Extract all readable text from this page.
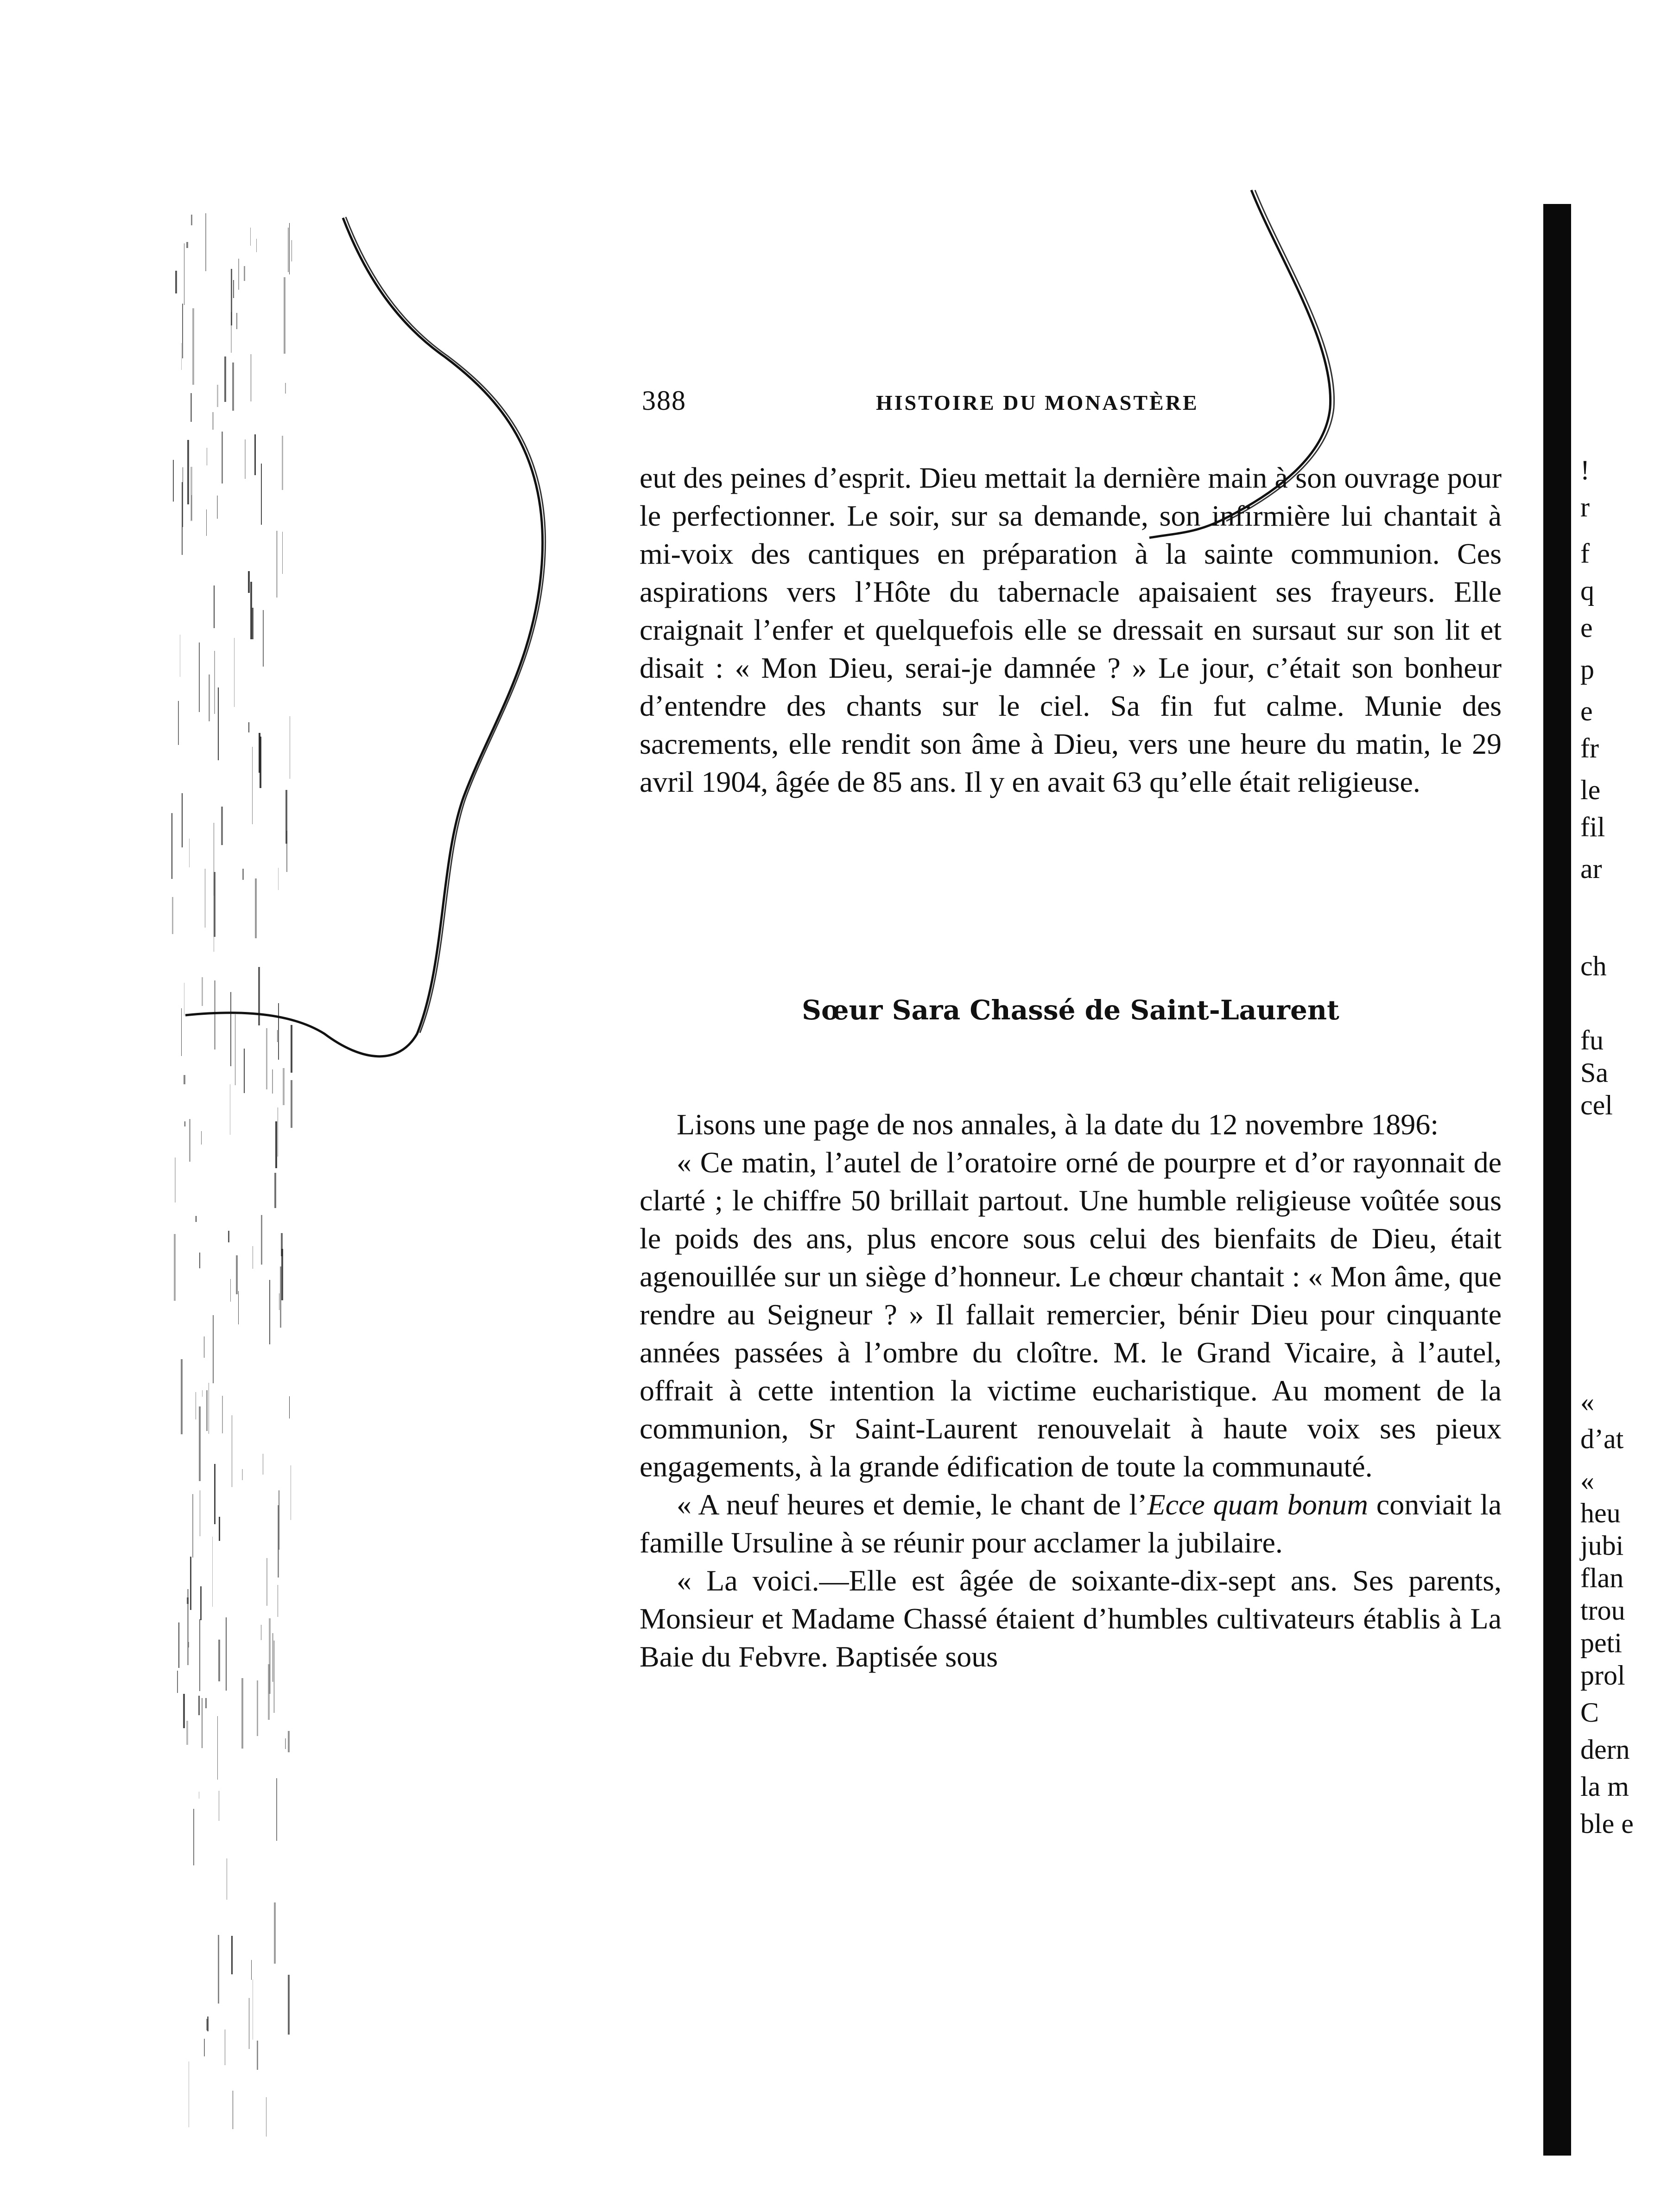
388	HISTOIRE DU MONASTÈRE

eut des peines d’esprit. Dieu mettait la dernière main à son ouvrage pour le perfectionner. Le soir, sur sa demande, son infirmière lui chantait à mi-voix des cantiques en préparation à la sainte communion. Ces aspirations vers l’Hôte du tabernacle apaisaient ses frayeurs. Elle craignait l’enfer et quelquefois elle se dressait en sursaut sur son lit et disait : « Mon Dieu, serai-je damnée ? » Le jour, c’était son bonheur d’entendre des chants sur le ciel. Sa fin fut calme. Munie des sacrements, elle rendit son âme à Dieu, vers une heure du matin, le 29 avril 1904, âgée de 85 ans. Il y en avait 63 qu’elle était religieuse.

Sœur Sara Chassé de Saint-Laurent

Lisons une page de nos annales, à la date du 12 novembre 1896:

« Ce matin, l’autel de l’oratoire orné de pourpre et d’or rayonnait de clarté ; le chiffre 50 brillait partout. Une humble religieuse voûtée sous le poids des ans, plus encore sous celui des bienfaits de Dieu, était agenouillée sur un siège d’honneur. Le chœur chantait : « Mon âme, que rendre au Seigneur ? » Il fallait remercier, bénir Dieu pour cinquante années passées à l’ombre du cloître. M. le Grand Vicaire, à l’autel, offrait à cette intention la victime eucharistique. Au moment de la communion, Sr Saint-Laurent renouvelait à haute voix ses pieux engagements, à la grande édification de toute la communauté.

« A neuf heures et demie, le chant de l’Ecce quam bonum conviait la famille Ursuline à se réunir pour acclamer la jubilaire.

« La voici.—Elle est âgée de soixante-dix-sept ans. Ses parents, Monsieur et Madame Chassé étaient d’humbles cultivateurs établis à La Baie du Febvre. Baptisée sous

!
r
f
q
e
p
e
fr
le
fil
ar
ch
fu
Sa
cel
«
d’at
«
heu
jubi
flan
trou
peti
prol
C
dern
la m
ble e
